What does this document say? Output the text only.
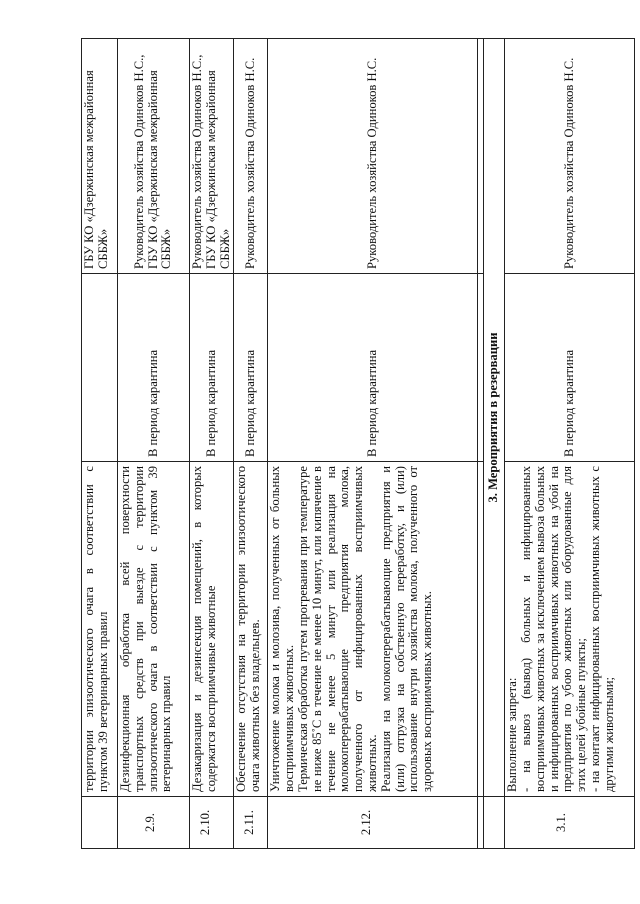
	территории эпизоотического очага в соответствии с пунктом 39 ветеринарных правил		ГБУ КО «Дзержинская межрайонная СББЖ»

2.9.	Дезинфекционная обработка всей поверхности транспортных средств при выезде с территории эпизоотического очага в соответствии с пунктом 39 ветеринарных правил	В период карантина	Руководитель хозяйства Одиноков Н.С., ГБУ КО «Дзержинская межрайонная СББЖ»

2.10.	Дезакаризация и дезинсекция помещений, в которых содержатся восприимчивые животные	В период карантина	Руководитель хозяйства Одиноков Н.С., ГБУ КО «Дзержинская межрайонная СББЖ»

2.11.	Обеспечение отсутствия на территории эпизоотического очага животных без владельцев.	В период карантина	Руководитель хозяйства Одиноков Н.С.

2.12.	Уничтожение молока и молозива, полученных от больных восприимчивых животных. Термическая обработка путем прогревания при температуре не ниже 85˚С в течение не менее 10 минут, или кипячение в течение не менее 5 минут или реализация на молокоперерабатывающие предприятия молока, полученного от инфицированных восприимчивых животных. Реализация на молокоперерабатывающие предприятия и (или) отгрузка на собственную переработку, и (или) использование внутри хозяйства молока, полученного от здоровых восприимчивых животных.	В период карантина	Руководитель хозяйства Одиноков Н.С.

	3. Мероприятия в резервации		
3.1.	Выполнение запрета: - на вывоз (вывод) больных и инфицированных восприимчивых животных за исключением вывоза больных и инфицированных восприимчивых животных на убой на предприятия по убою животных или оборудованные для этих целей убойные пункты; - на контакт инфицированных восприимчивых животных с другими животными;	В период карантина	Руководитель хозяйства Одиноков Н.С.
